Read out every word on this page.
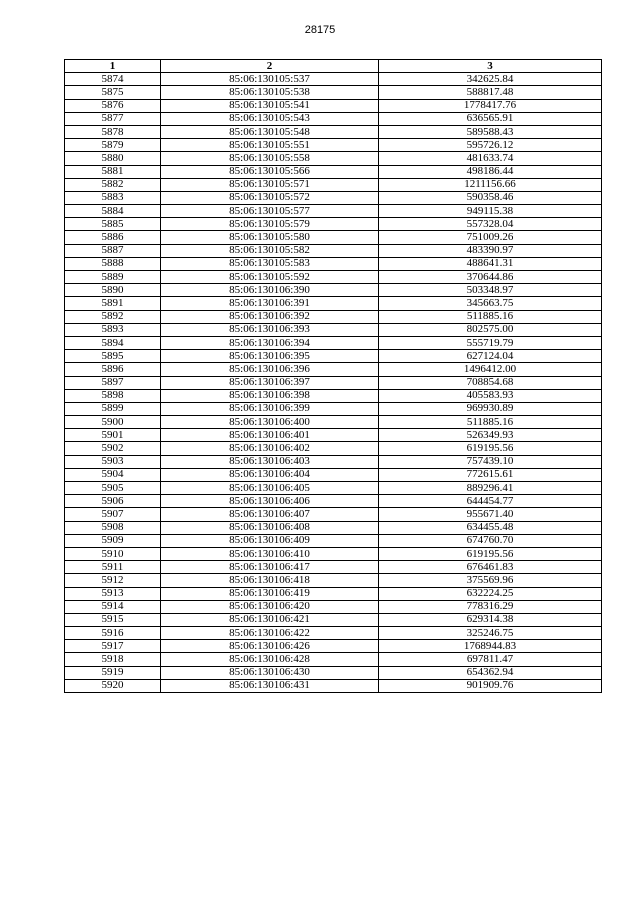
28175
1	2	3
5874	85:06:130105:537	342625.84
5875	85:06:130105:538	588817.48
5876	85:06:130105:541	1778417.76
5877	85:06:130105:543	636565.91
5878	85:06:130105:548	589588.43
5879	85:06:130105:551	595726.12
5880	85:06:130105:558	481633.74
5881	85:06:130105:566	498186.44
5882	85:06:130105:571	1211156.66
5883	85:06:130105:572	590358.46
5884	85:06:130105:577	949115.38
5885	85:06:130105:579	557328.04
5886	85:06:130105:580	751009.26
5887	85:06:130105:582	483390.97
5888	85:06:130105:583	488641.31
5889	85:06:130105:592	370644.86
5890	85:06:130106:390	503348.97
5891	85:06:130106:391	345663.75
5892	85:06:130106:392	511885.16
5893	85:06:130106:393	802575.00
5894	85:06:130106:394	555719.79
5895	85:06:130106:395	627124.04
5896	85:06:130106:396	1496412.00
5897	85:06:130106:397	708854.68
5898	85:06:130106:398	405583.93
5899	85:06:130106:399	969930.89
5900	85:06:130106:400	511885.16
5901	85:06:130106:401	526349.93
5902	85:06:130106:402	619195.56
5903	85:06:130106:403	757439.10
5904	85:06:130106:404	772615.61
5905	85:06:130106:405	889296.41
5906	85:06:130106:406	644454.77
5907	85:06:130106:407	955671.40
5908	85:06:130106:408	634455.48
5909	85:06:130106:409	674760.70
5910	85:06:130106:410	619195.56
5911	85:06:130106:417	676461.83
5912	85:06:130106:418	375569.96
5913	85:06:130106:419	632224.25
5914	85:06:130106:420	778316.29
5915	85:06:130106:421	629314.38
5916	85:06:130106:422	325246.75
5917	85:06:130106:426	1768944.83
5918	85:06:130106:428	697811.47
5919	85:06:130106:430	654362.94
5920	85:06:130106:431	901909.76
